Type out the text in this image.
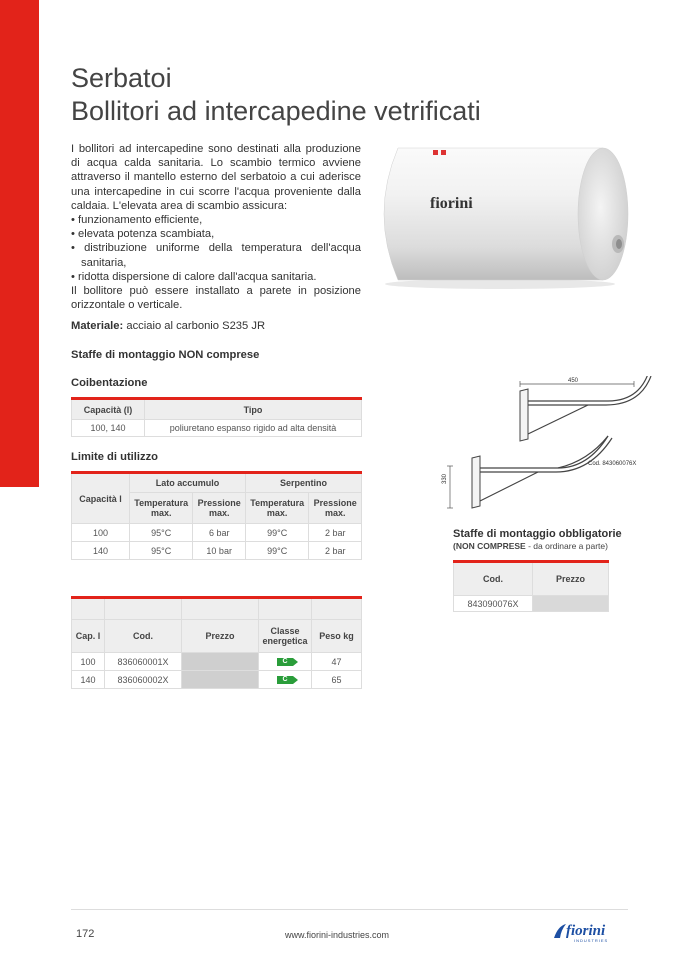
Serbatoi
Bollitori ad intercapedine vetrificati

I bollitori ad intercapedine sono destinati alla produzione di acqua calda sanitaria. Lo scambio termico avviene attraverso il mantello esterno del serbatoio a cui aderisce una intercapedine in cui scorre l'acqua proveniente dalla caldaia. L'elevata area di scambio assicura:

• funzionamento efficiente,
• elevata potenza scambiata,
• distribuzione uniforme della temperatura dell'acqua sanitaria,
• ridotta dispersione di calore dall'acqua sanitaria.

Il bollitore può essere installato a parete in posizione orizzontale o verticale.

fiorini
Materiale: acciaio al carbonio S235 JR
Staffe di montaggio NON comprese
Coibentazione
Capacità (l)	Tipo
100, 140	poliuretano espanso rigido ad alta densità
Limite di utilizzo
Capacità l	Lato accumulo		Serpentino	
	Temperatura max.	Pressione max.	Temperatura max.	Pressione max.
100	95°C	6 bar	99°C	2 bar
140	95°C	10 bar	99°C	2 bar

Cap. l	Cod.	Prezzo	Classe energetica	Peso kg
100	836060001X		C	47
140	836060002X		C	65
450
330
Cod. 843060076X
Staffe di montaggio obbligatorie
(NON COMPRESE - da ordinare a parte)
Cod.	Prezzo
843090076X	
172	www.fiorini-industries.com	fiorini
INDUSTRIES
